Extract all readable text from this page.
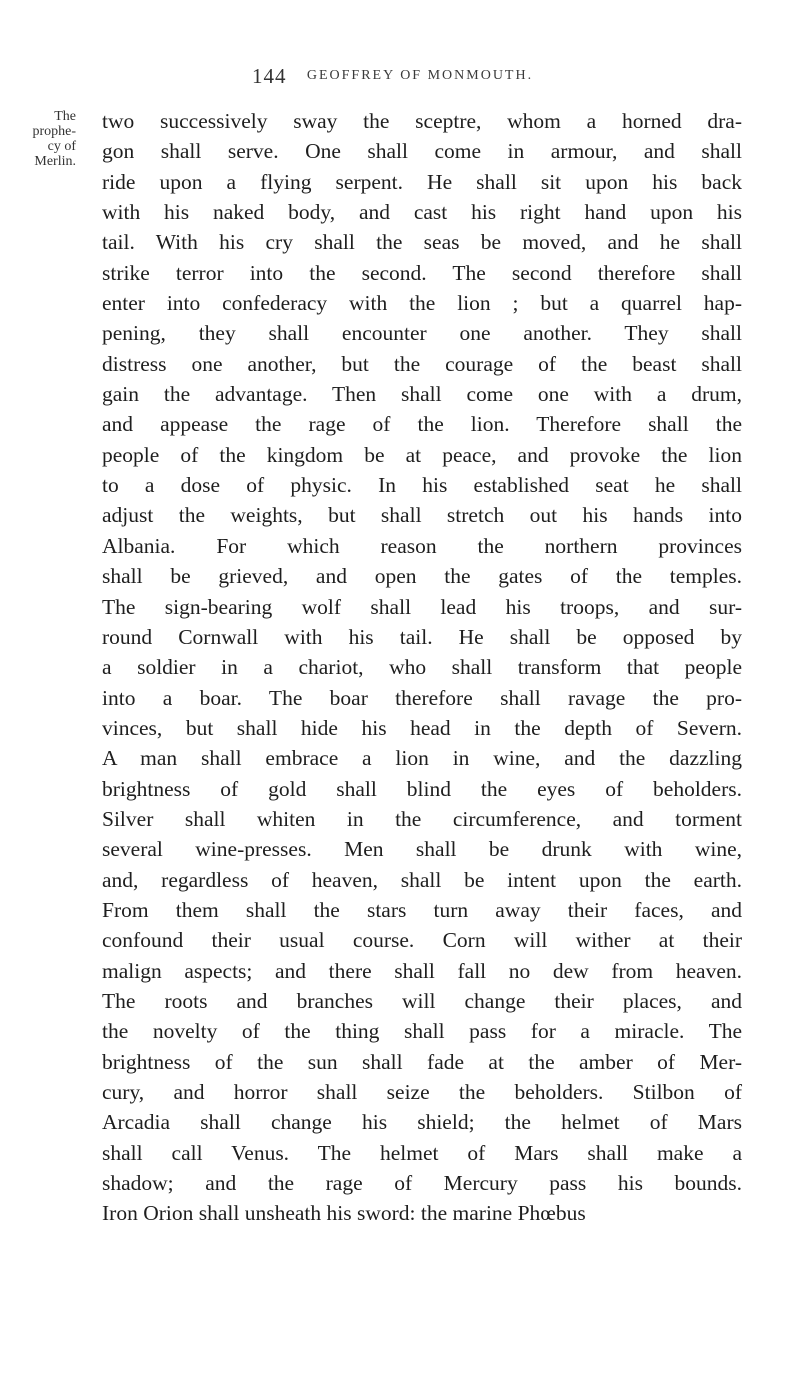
144	GEOFFREY OF MONMOUTH.
The prophe-
cy of Merlin.
two successively sway the sceptre, whom a horned dra-
gon shall serve. One shall come in armour, and shall
ride upon a flying serpent. He shall sit upon his back
with his naked body, and cast his right hand upon his
tail. With his cry shall the seas be moved, and he shall
strike terror into the second. The second therefore shall
enter into confederacy with the lion ; but a quarrel hap-
pening, they shall encounter one another. They shall
distress one another, but the courage of the beast shall
gain the advantage. Then shall come one with a drum,
and appease the rage of the lion. Therefore shall the
people of the kingdom be at peace, and provoke the lion
to a dose of physic. In his established seat he shall
adjust the weights, but shall stretch out his hands into
Albania. For which reason the northern provinces
shall be grieved, and open the gates of the temples.
The sign-bearing wolf shall lead his troops, and sur-
round Cornwall with his tail. He shall be opposed by
a soldier in a chariot, who shall transform that people
into a boar. The boar therefore shall ravage the pro-
vinces, but shall hide his head in the depth of Severn.
A man shall embrace a lion in wine, and the dazzling
brightness of gold shall blind the eyes of beholders.
Silver shall whiten in the circumference, and torment
several wine-presses. Men shall be drunk with wine,
and, regardless of heaven, shall be intent upon the earth.
From them shall the stars turn away their faces, and
confound their usual course. Corn will wither at their
malign aspects; and there shall fall no dew from heaven.
The roots and branches will change their places, and
the novelty of the thing shall pass for a miracle. The
brightness of the sun shall fade at the amber of Mer-
cury, and horror shall seize the beholders. Stilbon of
Arcadia shall change his shield; the helmet of Mars
shall call Venus. The helmet of Mars shall make a
shadow; and the rage of Mercury pass his bounds.
Iron Orion shall unsheath his sword: the marine Phœbus
